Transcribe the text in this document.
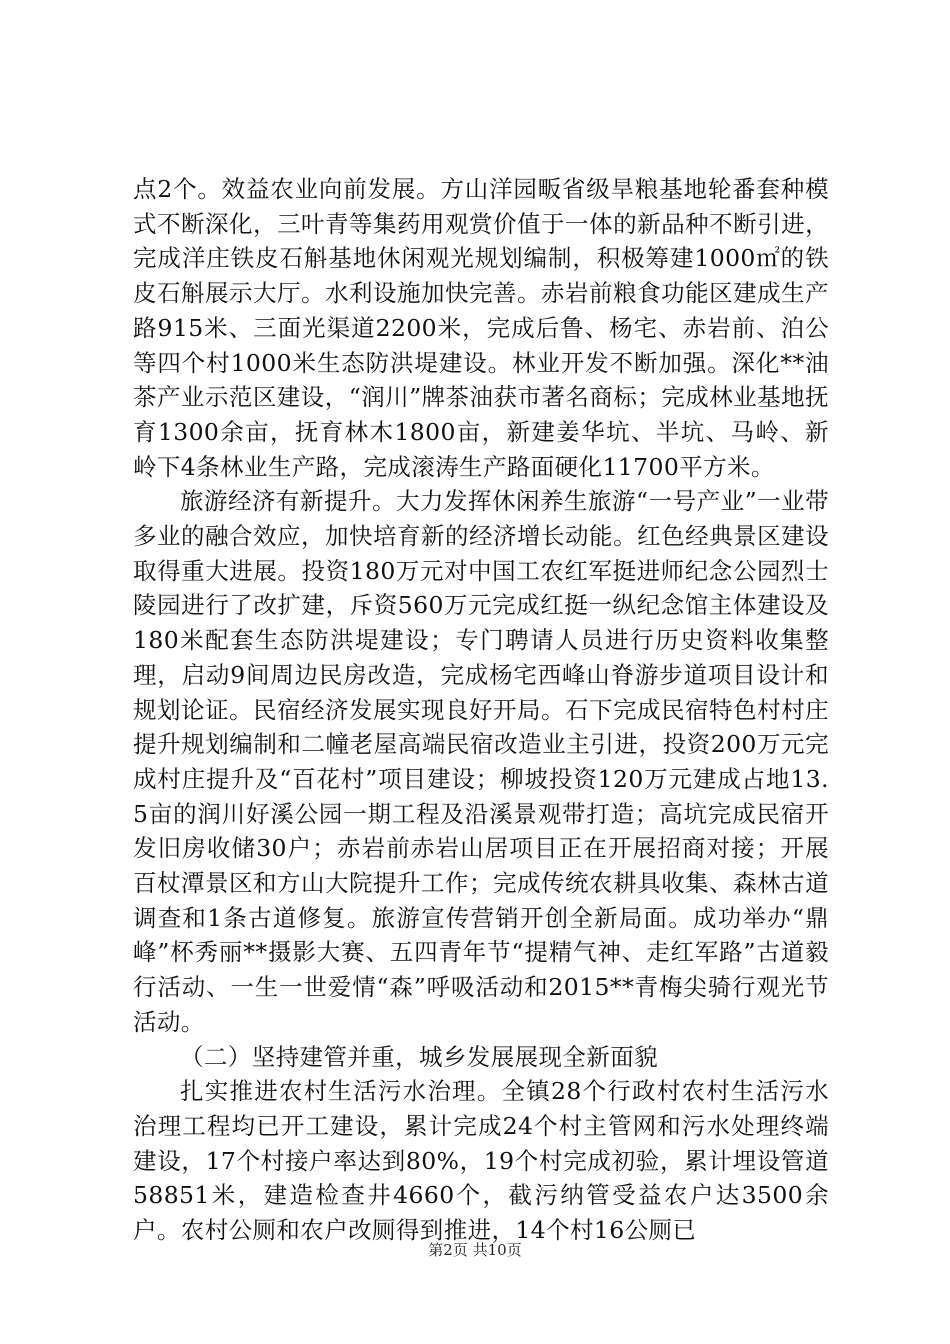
点2个。效益农业向前发展。方山洋园畈省级旱粮基地轮番套种模式不断深化，三叶青等集药用观赏价值于一体的新品种不断引进，完成洋庄铁皮石斛基地休闲观光规划编制，积极筹建1000㎡的铁皮石斛展示大厅。水利设施加快完善。赤岩前粮食功能区建成生产路915米、三面光渠道2200米，完成后鲁、杨宅、赤岩前、泊公等四个村1000米生态防洪堤建设。林业开发不断加强。深化**油茶产业示范区建设，“润川”牌茶油获市著名商标；完成林业基地抚育1300余亩，抚育林木1800亩，新建姜华坑、半坑、马岭、新岭下4条林业生产路，完成滚涛生产路面硬化11700平方米。

旅游经济有新提升。大力发挥休闲养生旅游“一号产业”一业带多业的融合效应，加快培育新的经济增长动能。红色经典景区建设取得重大进展。投资180万元对中国工农红军挺进师纪念公园烈士陵园进行了改扩建，斥资560万元完成红挺一纵纪念馆主体建设及180米配套生态防洪堤建设；专门聘请人员进行历史资料收集整理，启动9间周边民房改造，完成杨宅西峰山脊游步道项目设计和规划论证。民宿经济发展实现良好开局。石下完成民宿特色村村庄提升规划编制和二幢老屋高端民宿改造业主引进，投资200万元完成村庄提升及“百花村”项目建设；柳坡投资120万元建成占地13.5亩的润川好溪公园一期工程及沿溪景观带打造；高坑完成民宿开发旧房收储30户；赤岩前赤岩山居项目正在开展招商对接；开展百杖潭景区和方山大院提升工作；完成传统农耕具收集、森林古道调查和1条古道修复。旅游宣传营销开创全新局面。成功举办“鼎峰”杯秀丽**摄影大赛、五四青年节“提精气神、走红军路”古道毅行活动、一生一世爱情“森”呼吸活动和2015**青梅尖骑行观光节活动。

（二）坚持建管并重，城乡发展展现全新面貌

扎实推进农村生活污水治理。全镇28个行政村农村生活污水治理工程均已开工建设，累计完成24个村主管网和污水处理终端建设，17个村接户率达到80%，19个村完成初验，累计埋设管道58851米，建造检查井4660个，截污纳管受益农户达3500余户。农村公厕和农户改厕得到推进，14个村16公厕已

第2页 共10页
